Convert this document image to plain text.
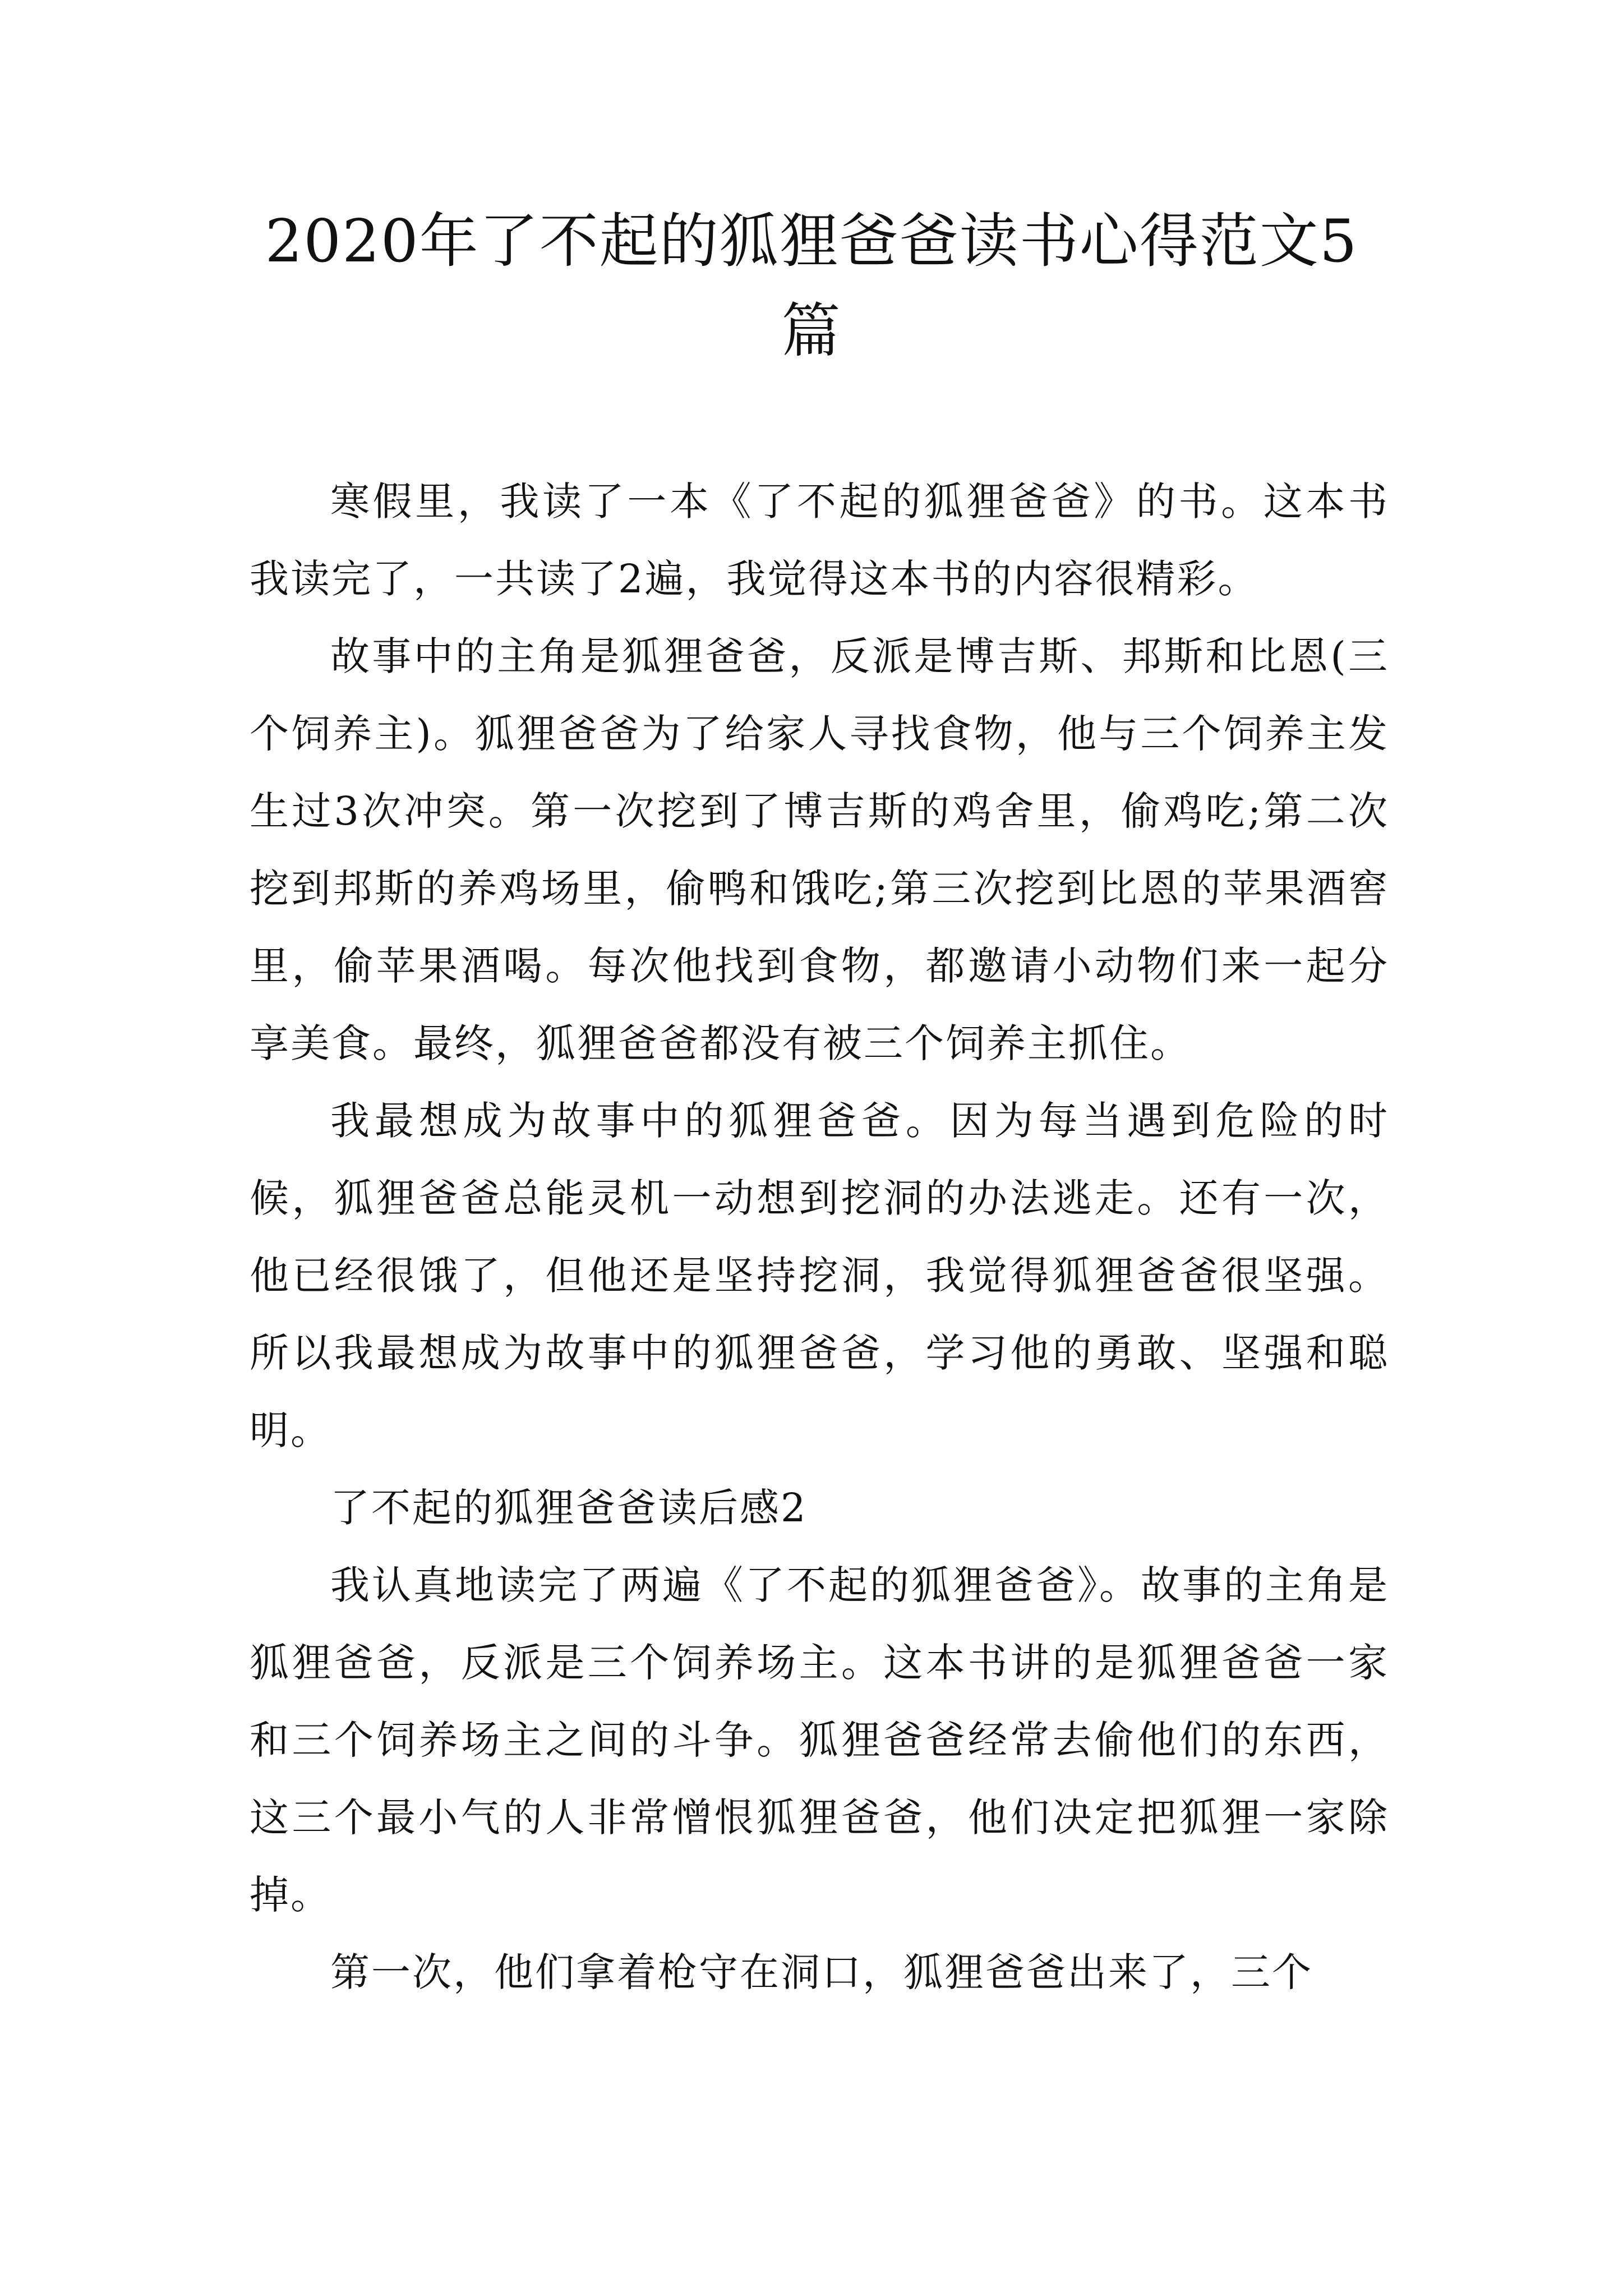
2020年了不起的狐狸爸爸读书心得范文5篇

寒假里，我读了一本《了不起的狐狸爸爸》的书。这本书我读完了，一共读了2遍，我觉得这本书的内容很精彩。

故事中的主角是狐狸爸爸，反派是博吉斯、邦斯和比恩(三个饲养主)。狐狸爸爸为了给家人寻找食物，他与三个饲养主发生过3次冲突。第一次挖到了博吉斯的鸡舍里，偷鸡吃;第二次挖到邦斯的养鸡场里，偷鸭和饿吃;第三次挖到比恩的苹果酒窖里，偷苹果酒喝。每次他找到食物，都邀请小动物们来一起分享美食。最终，狐狸爸爸都没有被三个饲养主抓住。

我最想成为故事中的狐狸爸爸。因为每当遇到危险的时候，狐狸爸爸总能灵机一动想到挖洞的办法逃走。还有一次，他已经很饿了，但他还是坚持挖洞，我觉得狐狸爸爸很坚强。所以我最想成为故事中的狐狸爸爸，学习他的勇敢、坚强和聪明。

了不起的狐狸爸爸读后感2

我认真地读完了两遍《了不起的狐狸爸爸》。故事的主角是狐狸爸爸，反派是三个饲养场主。这本书讲的是狐狸爸爸一家和三个饲养场主之间的斗争。狐狸爸爸经常去偷他们的东西，这三个最小气的人非常憎恨狐狸爸爸，他们决定把狐狸一家除掉。

第一次，他们拿着枪守在洞口，狐狸爸爸出来了，三个
